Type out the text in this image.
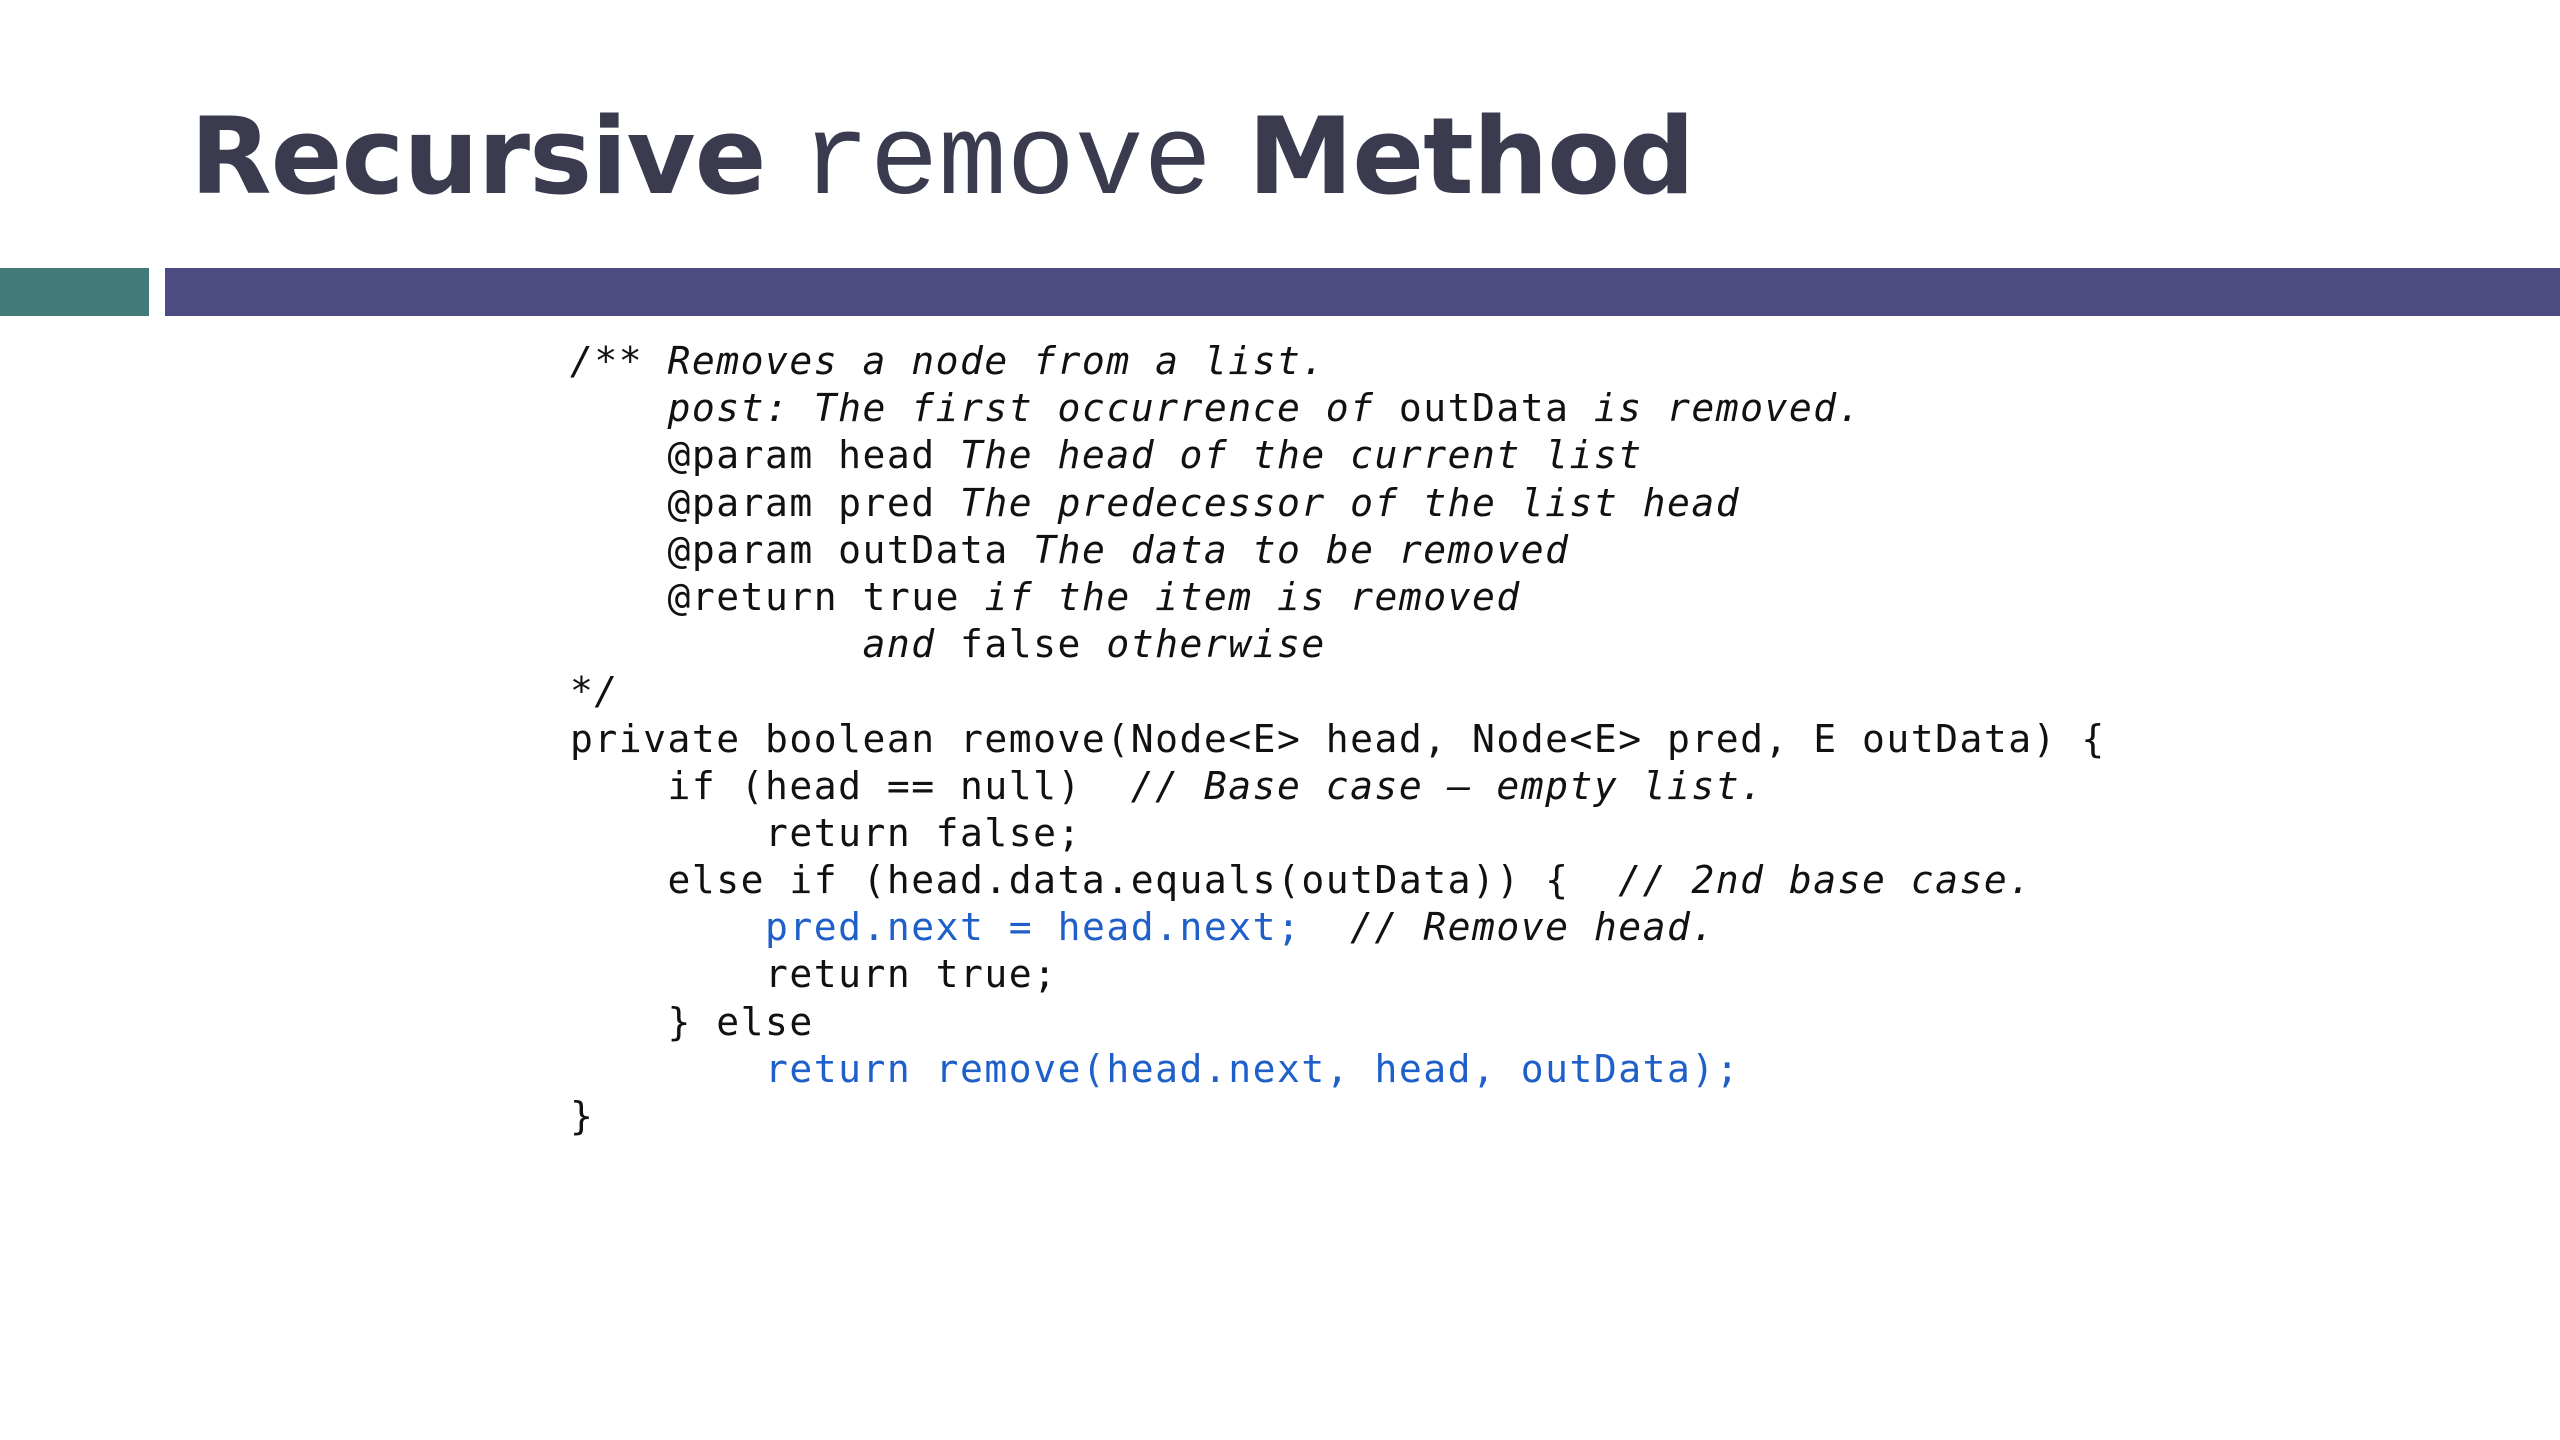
Recursive remove Method
/** Removes a node from a list.
post: The first occurrence of outData is removed.
@param head The head of the current list
@param pred The predecessor of the list head
@param outData The data to be removed
@return true if the item is removed
and false otherwise
*/
private boolean remove(Node<E> head, Node<E> pred, E outData) {
if (head == null)  // Base case – empty list.
return false;
else if (head.data.equals(outData)) {  // 2nd base case.
pred.next = head.next;  // Remove head.
return true;
} else
return remove(head.next, head, outData);
}
